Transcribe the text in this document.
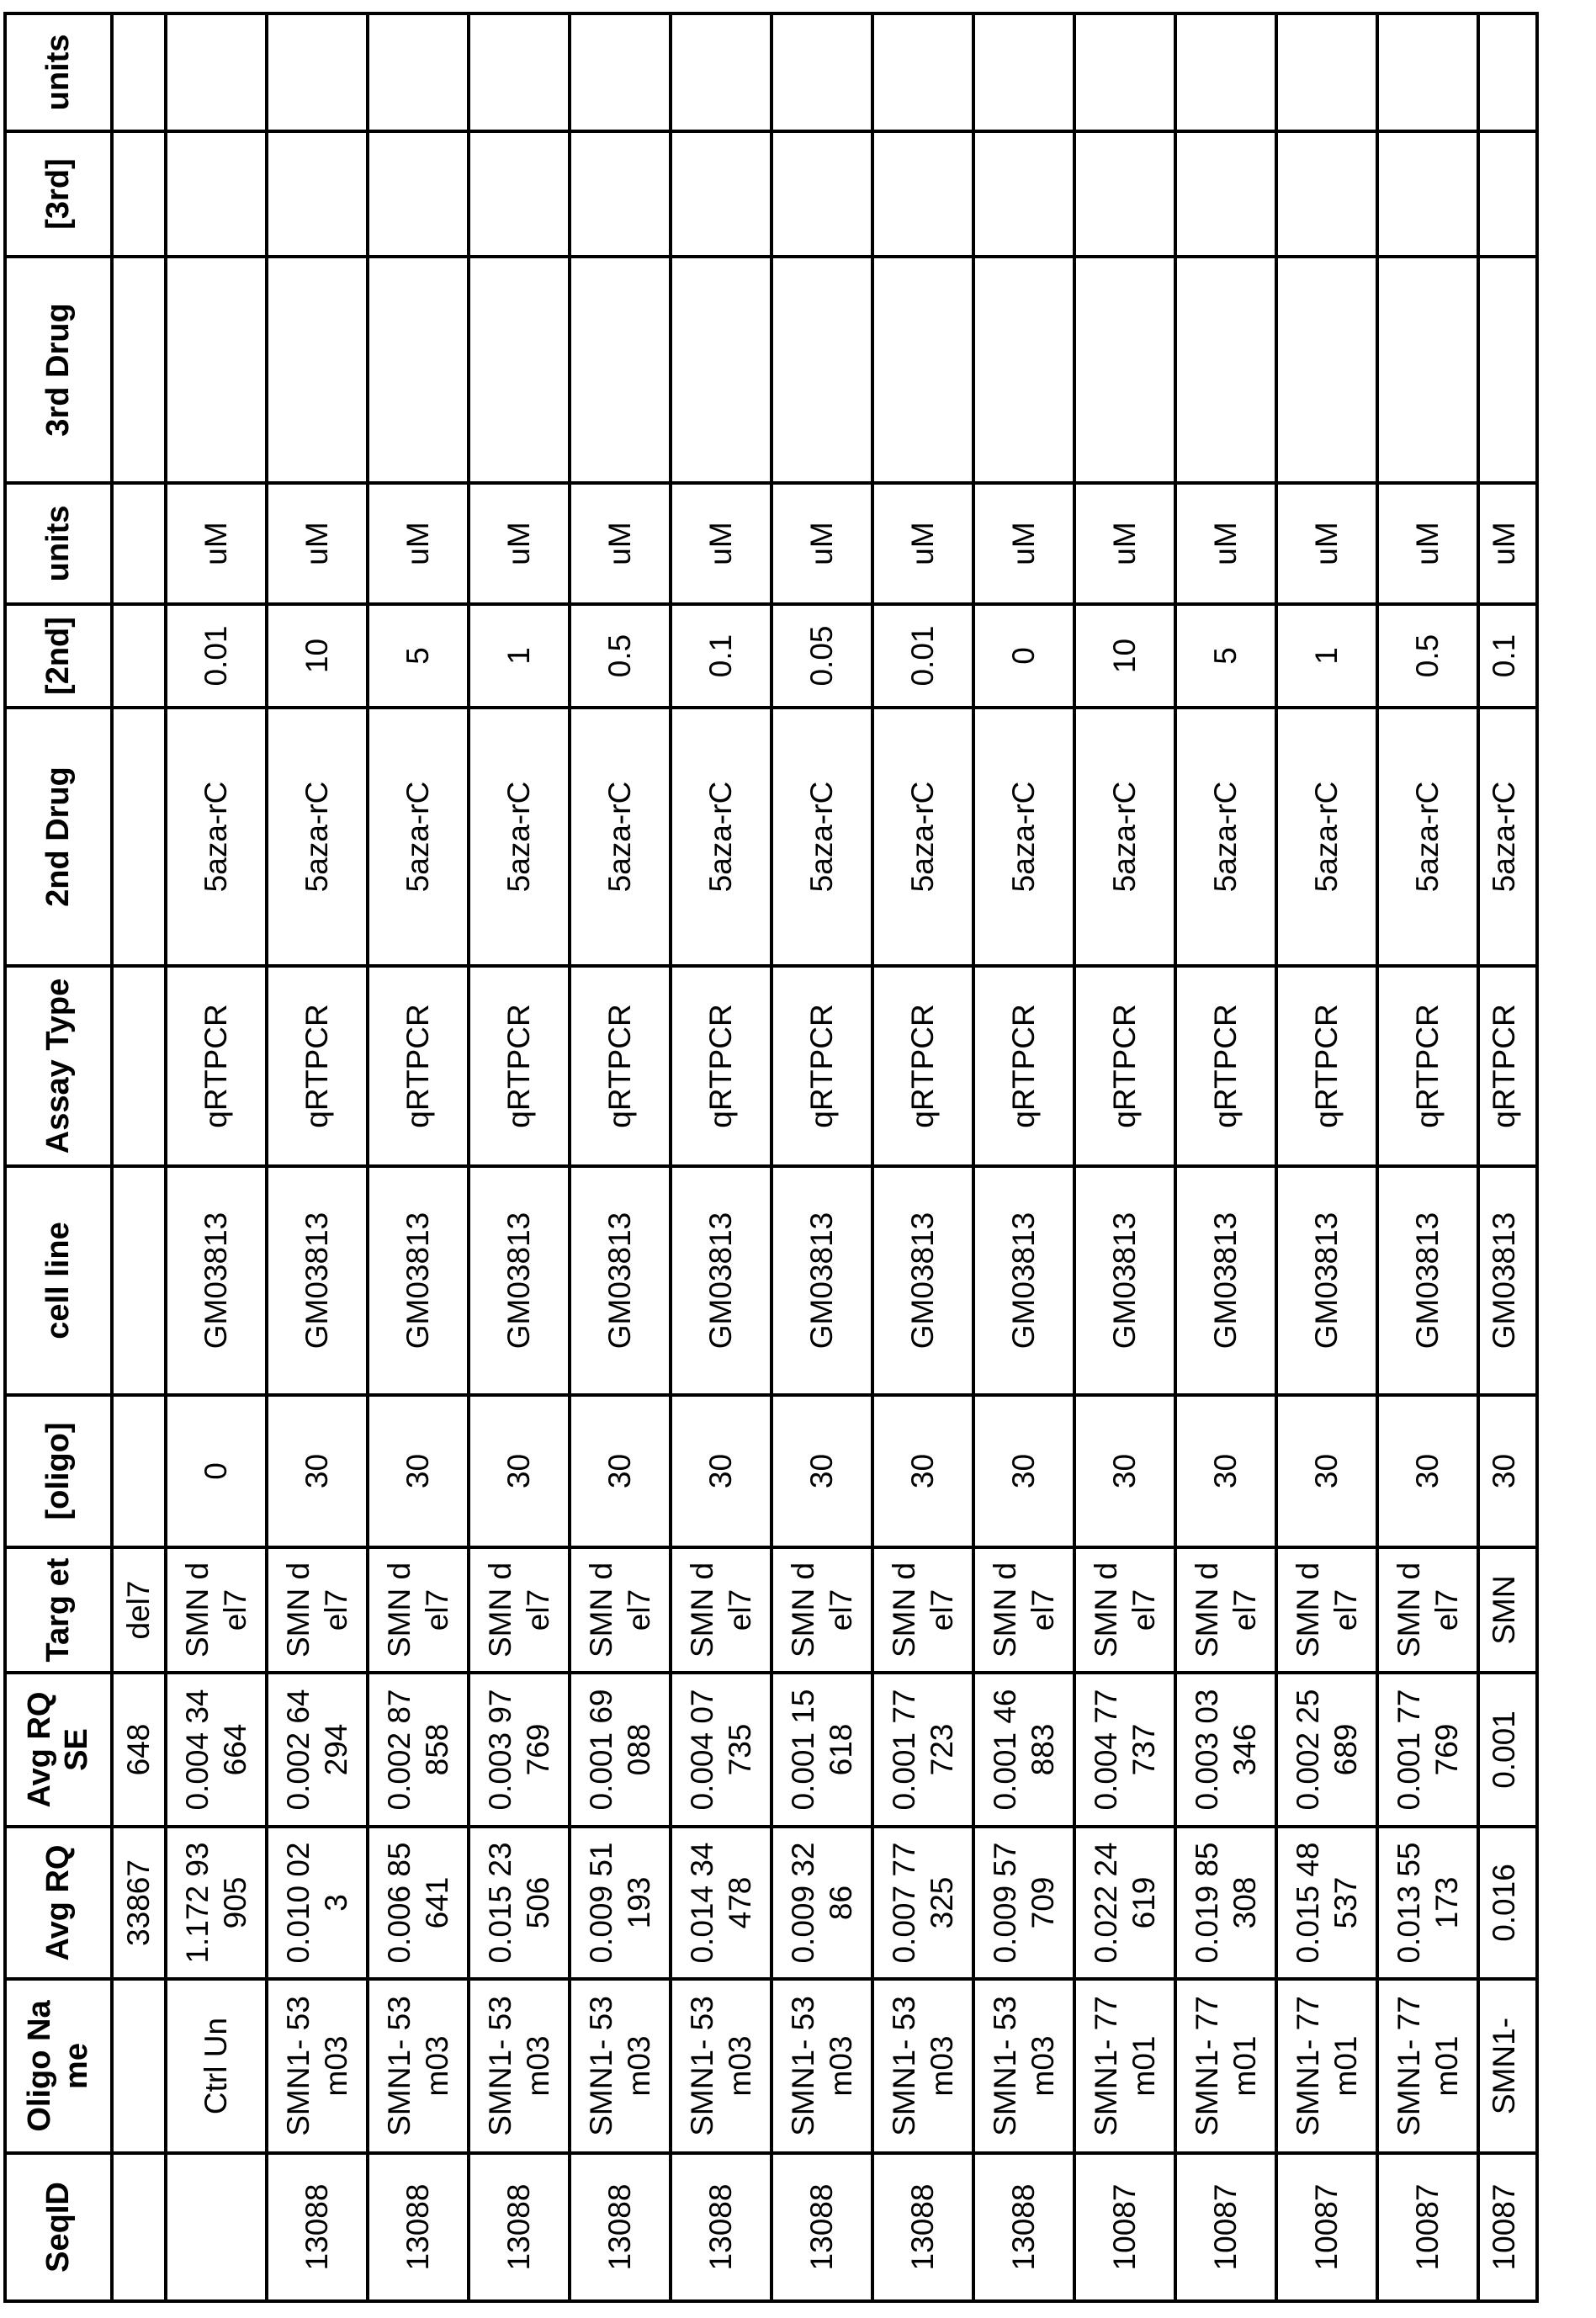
SeqID	Oligo Name	Avg RQ	Avg RQ SE	Targ et	[oligo]	cell line	Assay Type	2nd Drug	[2nd]	units	3rd Drug	[3rd]	units
		33867	648	del7									
	Ctrl Un	1.172 93905	0.004 34664	SMN del7	0	GM03813	qRTPCR	5aza-rC	0.01	uM			
13088	SMN1- 53 m03	0.010 023	0.002 64294	SMN del7	30	GM03813	qRTPCR	5aza-rC	10	uM			
13088	SMN1- 53 m03	0.006 85641	0.002 87858	SMN del7	30	GM03813	qRTPCR	5aza-rC	5	uM			
13088	SMN1- 53 m03	0.015 23506	0.003 97769	SMN del7	30	GM03813	qRTPCR	5aza-rC	1	uM			
13088	SMN1- 53 m03	0.009 51193	0.001 69088	SMN del7	30	GM03813	qRTPCR	5aza-rC	0.5	uM			
13088	SMN1- 53 m03	0.014 34478	0.004 07735	SMN del7	30	GM03813	qRTPCR	5aza-rC	0.1	uM			
13088	SMN1- 53 m03	0.009 3286	0.001 15618	SMN del7	30	GM03813	qRTPCR	5aza-rC	0.05	uM			
13088	SMN1- 53 m03	0.007 77325	0.001 77723	SMN del7	30	GM03813	qRTPCR	5aza-rC	0.01	uM			
13088	SMN1- 53 m03	0.009 57709	0.001 46883	SMN del7	30	GM03813	qRTPCR	5aza-rC	0	uM			
10087	SMN1- 77 m01	0.022 24619	0.004 77737	SMN del7	30	GM03813	qRTPCR	5aza-rC	10	uM			
10087	SMN1- 77 m01	0.019 85308	0.003 03346	SMN del7	30	GM03813	qRTPCR	5aza-rC	5	uM			
10087	SMN1- 77 m01	0.015 48537	0.002 25689	SMN del7	30	GM03813	qRTPCR	5aza-rC	1	uM			
10087	SMN1- 77 m01	0.013 55173	0.001 77769	SMN del7	30	GM03813	qRTPCR	5aza-rC	0.5	uM			
10087	SMN1-	0.016	0.001	SMN	30	GM03813	qRTPCR	5aza-rC	0.1	uM			
